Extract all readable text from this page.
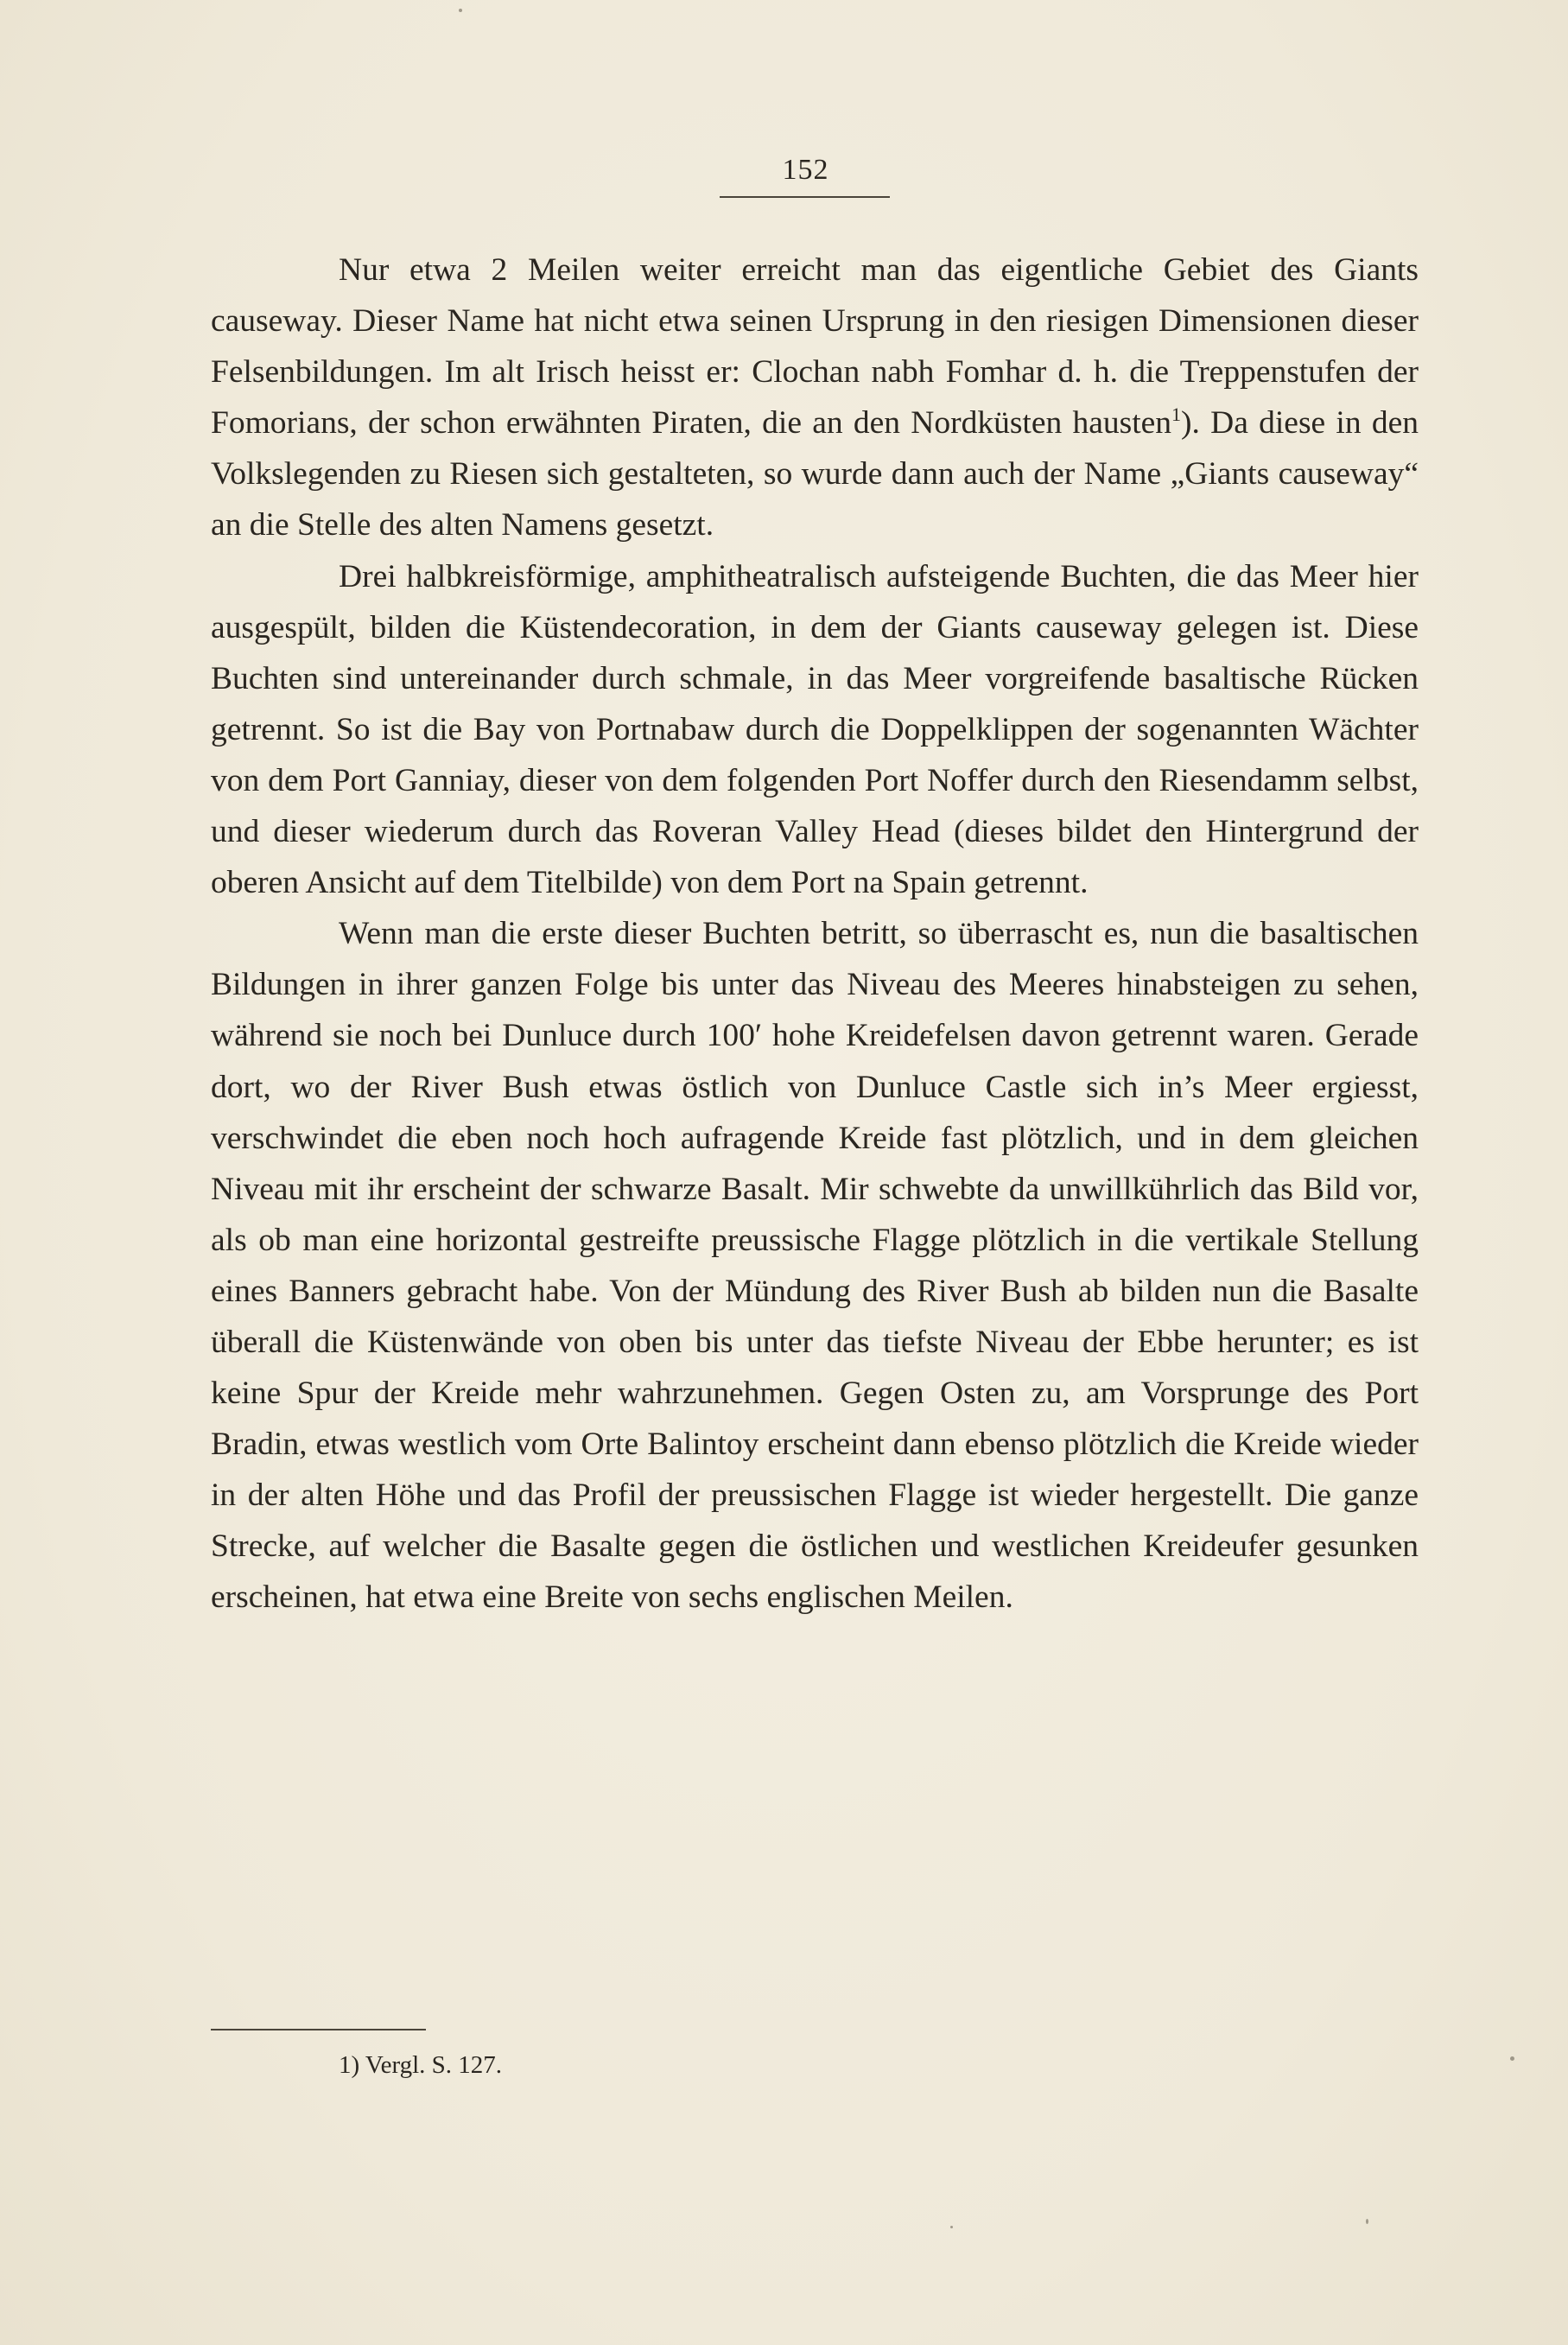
152

Nur etwa 2 Meilen weiter erreicht man das eigentliche Gebiet des Giants causeway. Dieser Name hat nicht etwa seinen Ursprung in den riesigen Dimensionen dieser Felsenbildungen. Im alt Irisch heisst er: Clochan nabh Fomhar d. h. die Treppenstufen der Fomorians, der schon erwähnten Piraten, die an den Nordküsten hausten$^1$). Da diese in den Volkslegenden zu Riesen sich gestalteten, so wurde dann auch der Name „Giants causeway“ an die Stelle des alten Namens gesetzt.

Drei halbkreisförmige, amphitheatralisch aufsteigende Buchten, die das Meer hier ausgespült, bilden die Küstendecoration, in dem der Giants causeway gelegen ist. Diese Buchten sind untereinander durch schmale, in das Meer vorgreifende basaltische Rücken getrennt. So ist die Bay von Portnabaw durch die Doppelklippen der sogenannten Wächter von dem Port Ganniay, dieser von dem folgenden Port Noffer durch den Riesendamm selbst, und dieser wiederum durch das Roveran Valley Head (dieses bildet den Hintergrund der oberen Ansicht auf dem Titelbilde) von dem Port na Spain getrennt.

Wenn man die erste dieser Buchten betritt, so überrascht es, nun die basaltischen Bildungen in ihrer ganzen Folge bis unter das Niveau des Meeres hinabsteigen zu sehen, während sie noch bei Dunluce durch 100′ hohe Kreidefelsen davon getrennt waren. Gerade dort, wo der River Bush etwas östlich von Dunluce Castle sich in’s Meer ergiesst, verschwindet die eben noch hoch aufragende Kreide fast plötzlich, und in dem gleichen Niveau mit ihr erscheint der schwarze Basalt. Mir schwebte da unwillkührlich das Bild vor, als ob man eine horizontal gestreifte preussische Flagge plötzlich in die vertikale Stellung eines Banners gebracht habe. Von der Mündung des River Bush ab bilden nun die Basalte überall die Küstenwände von oben bis unter das tiefste Niveau der Ebbe herunter; es ist keine Spur der Kreide mehr wahrzunehmen. Gegen Osten zu, am Vorsprunge des Port Bradin, etwas westlich vom Orte Balintoy erscheint dann ebenso plötzlich die Kreide wieder in der alten Höhe und das Profil der preussischen Flagge ist wieder hergestellt. Die ganze Strecke, auf welcher die Basalte gegen die östlichen und westlichen Kreideufer gesunken erscheinen, hat etwa eine Breite von sechs englischen Meilen.

1) Vergl. S. 127.
